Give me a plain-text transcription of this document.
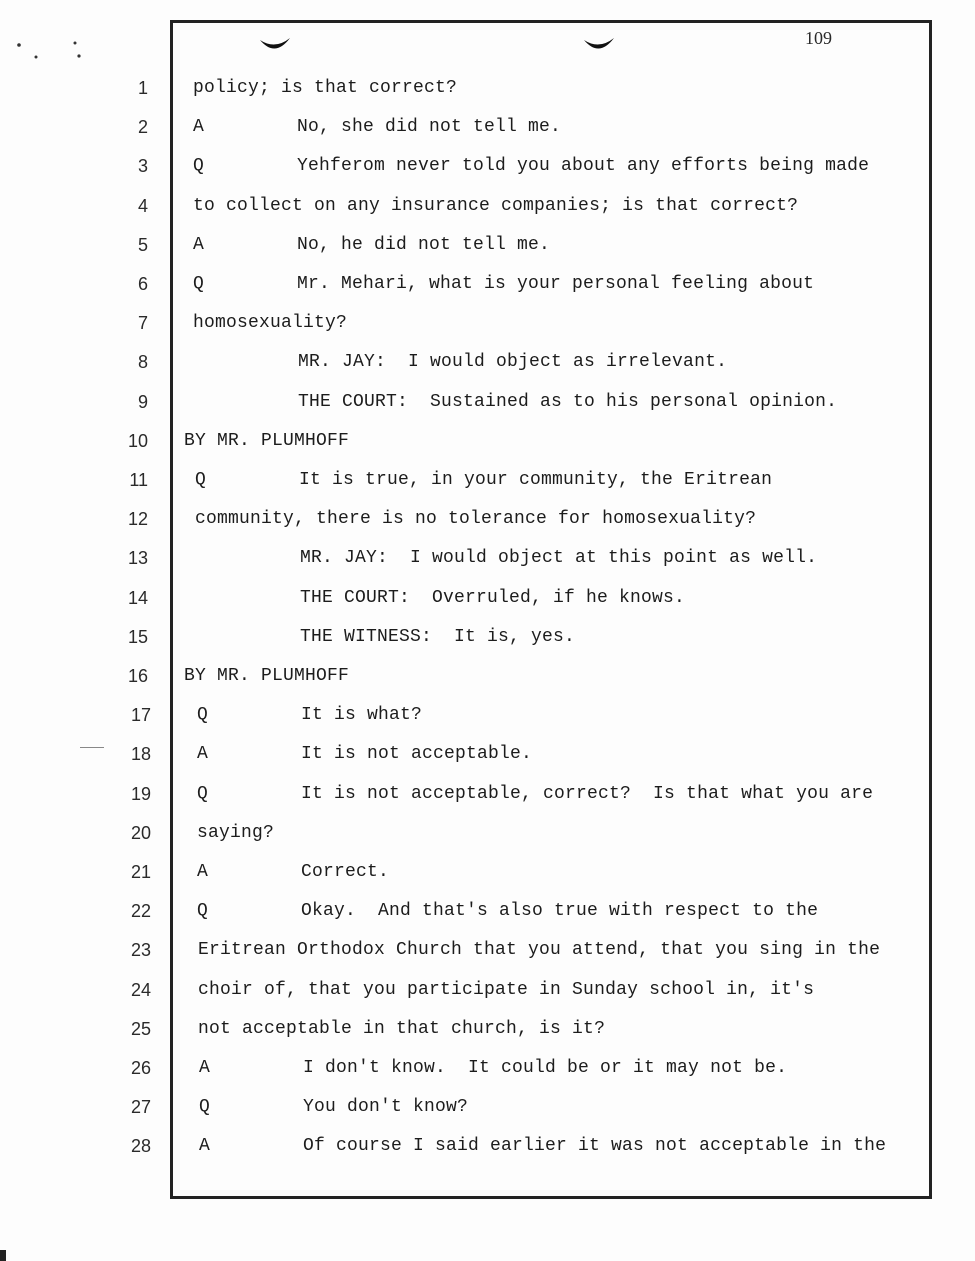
109
1	policy; is that correct?
2	A	No, she did not tell me.
3	Q	Yehferom never told you about any efforts being made
4	to collect on any insurance companies; is that correct?
5	A	No, he did not tell me.
6	Q	Mr. Mehari, what is your personal feeling about
7	homosexuality?
8	MR. JAY:  I would object as irrelevant.
9	THE COURT:  Sustained as to his personal opinion.
10 BY MR. PLUMHOFF
11	Q	It is true, in your community, the Eritrean
12	community, there is no tolerance for homosexuality?
13	MR. JAY:  I would object at this point as well.
14	THE COURT:  Overruled, if he knows.
15	THE WITNESS:  It is, yes.
16 BY MR. PLUMHOFF
17	Q	It is what?
18	A	It is not acceptable.
19	Q	It is not acceptable, correct?  Is that what you are
20	saying?
21	A	Correct.
22	Q	Okay.  And that's also true with respect to the
23	Eritrean Orthodox Church that you attend, that you sing in the
24	choir of, that you participate in Sunday school in, it's
25	not acceptable in that church, is it?
26	A	I don't know.  It could be or it may not be.
27	Q	You don't know?
28	A	Of course I said earlier it was not acceptable in the
